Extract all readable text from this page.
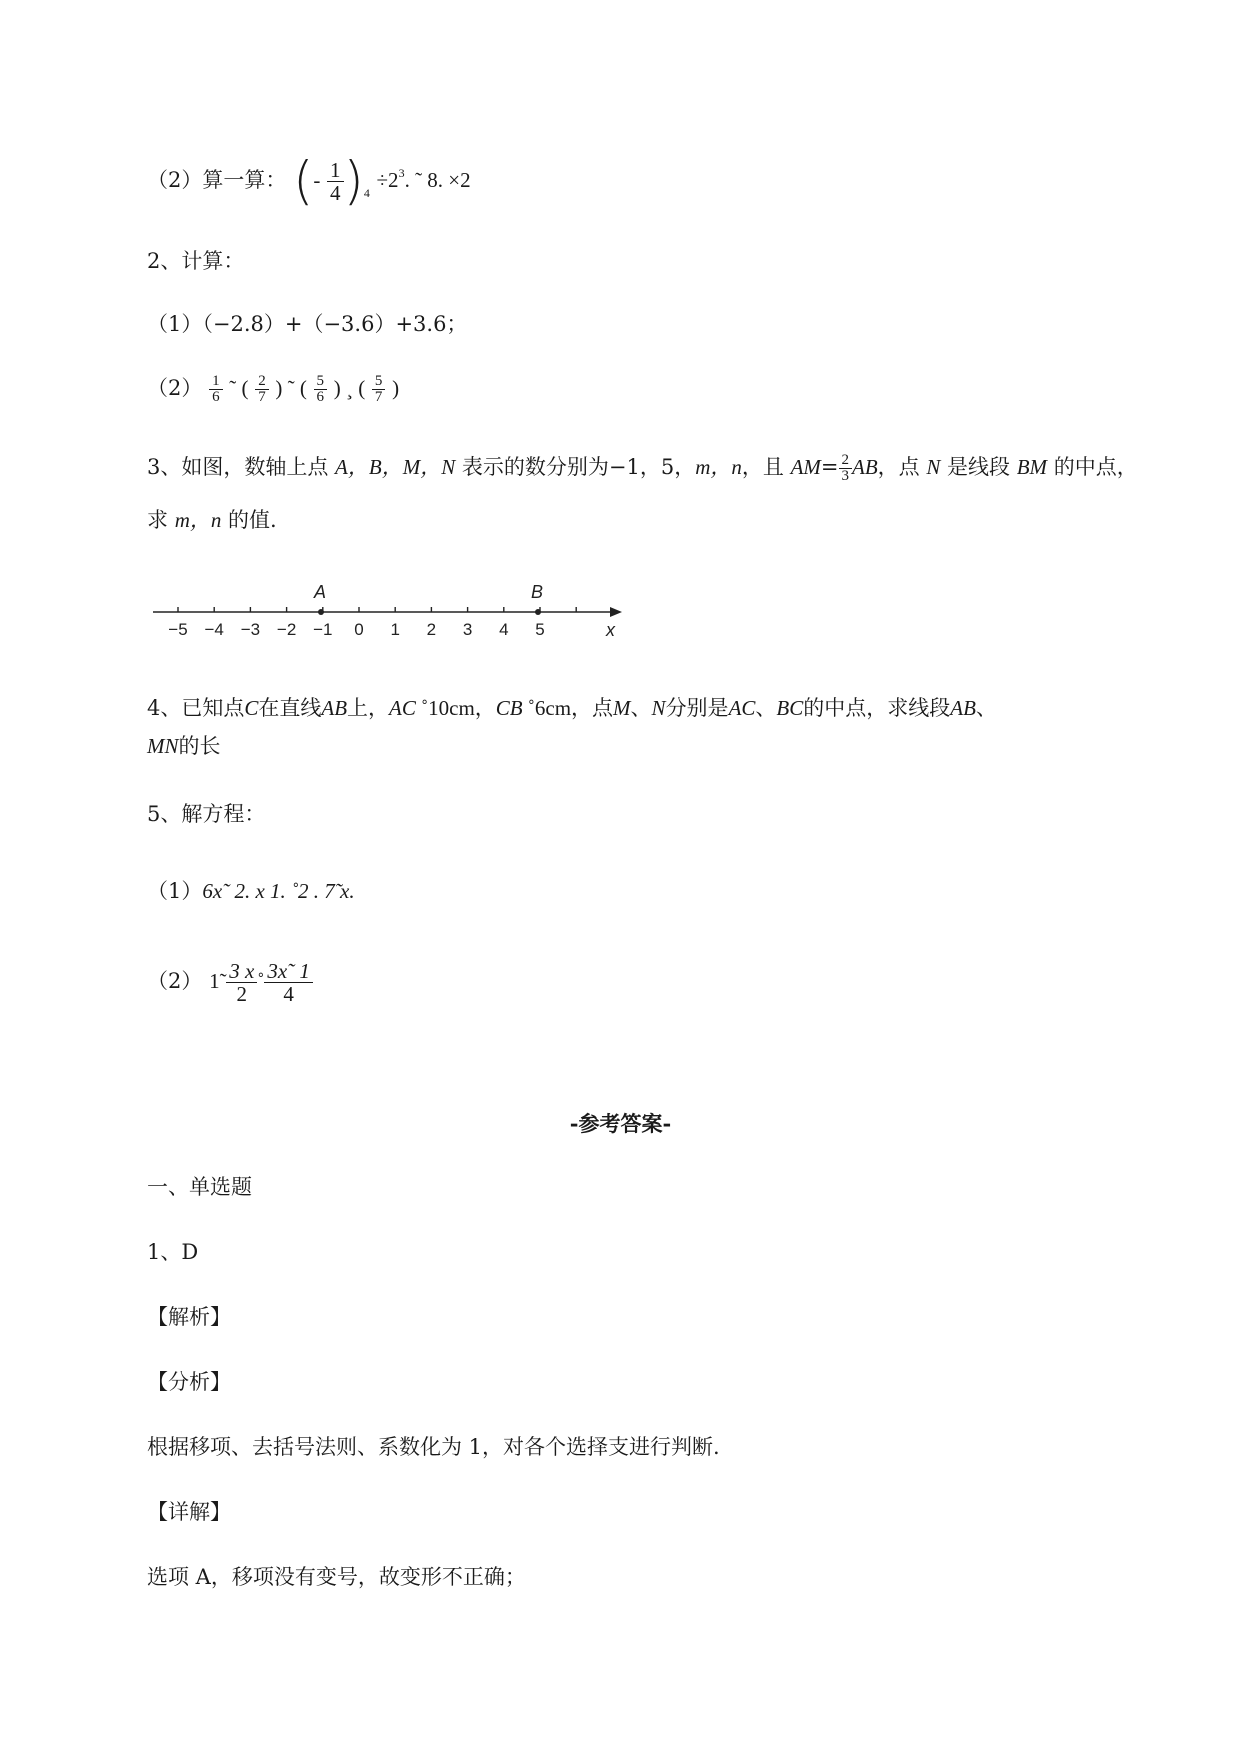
（2）算一算： (- $\frac{1}{4} )_4 \div 2^3$. ˜ 8. ×2
2、计算：
（1）（−2.8）+（−3.6）+3.6；
$(2) \frac{1}{6}$ ˜ ( $\frac{2}{7}$ ) ˜ ( $\frac{5}{6}$ ) ¸ ( $\frac{5}{7}$ )
3、如图，数轴上点 A，B，M，N 表示的数分别为−1，5，m，n，且 $AM= \frac{2}{3}$ AB，点 N 是线段 BM 的中点，
求 m，n 的值.
−5 −4 −3 −2 −1 0 1 2 3 4 5	x
A	B
4、已知点C在直线AB上，AC ˚10cm，CB ˚6cm，点M、N分别是AC、BC的中点，求线段AB、
MN的长
5、解方程：
（1）6x˜ 2. x 1. ˚2 . 7̃ x.
（2） 1̃ $\frac{3 x}{2}$ ˚ $\frac{3x˜ 1}{4}$
-参考答案-
一、单选题
1、D
【解析】
【分析】
根据移项、去括号法则、系数化为 1，对各个选择支进行判断.
【详解】
选项 A，移项没有变号，故变形不正确；
